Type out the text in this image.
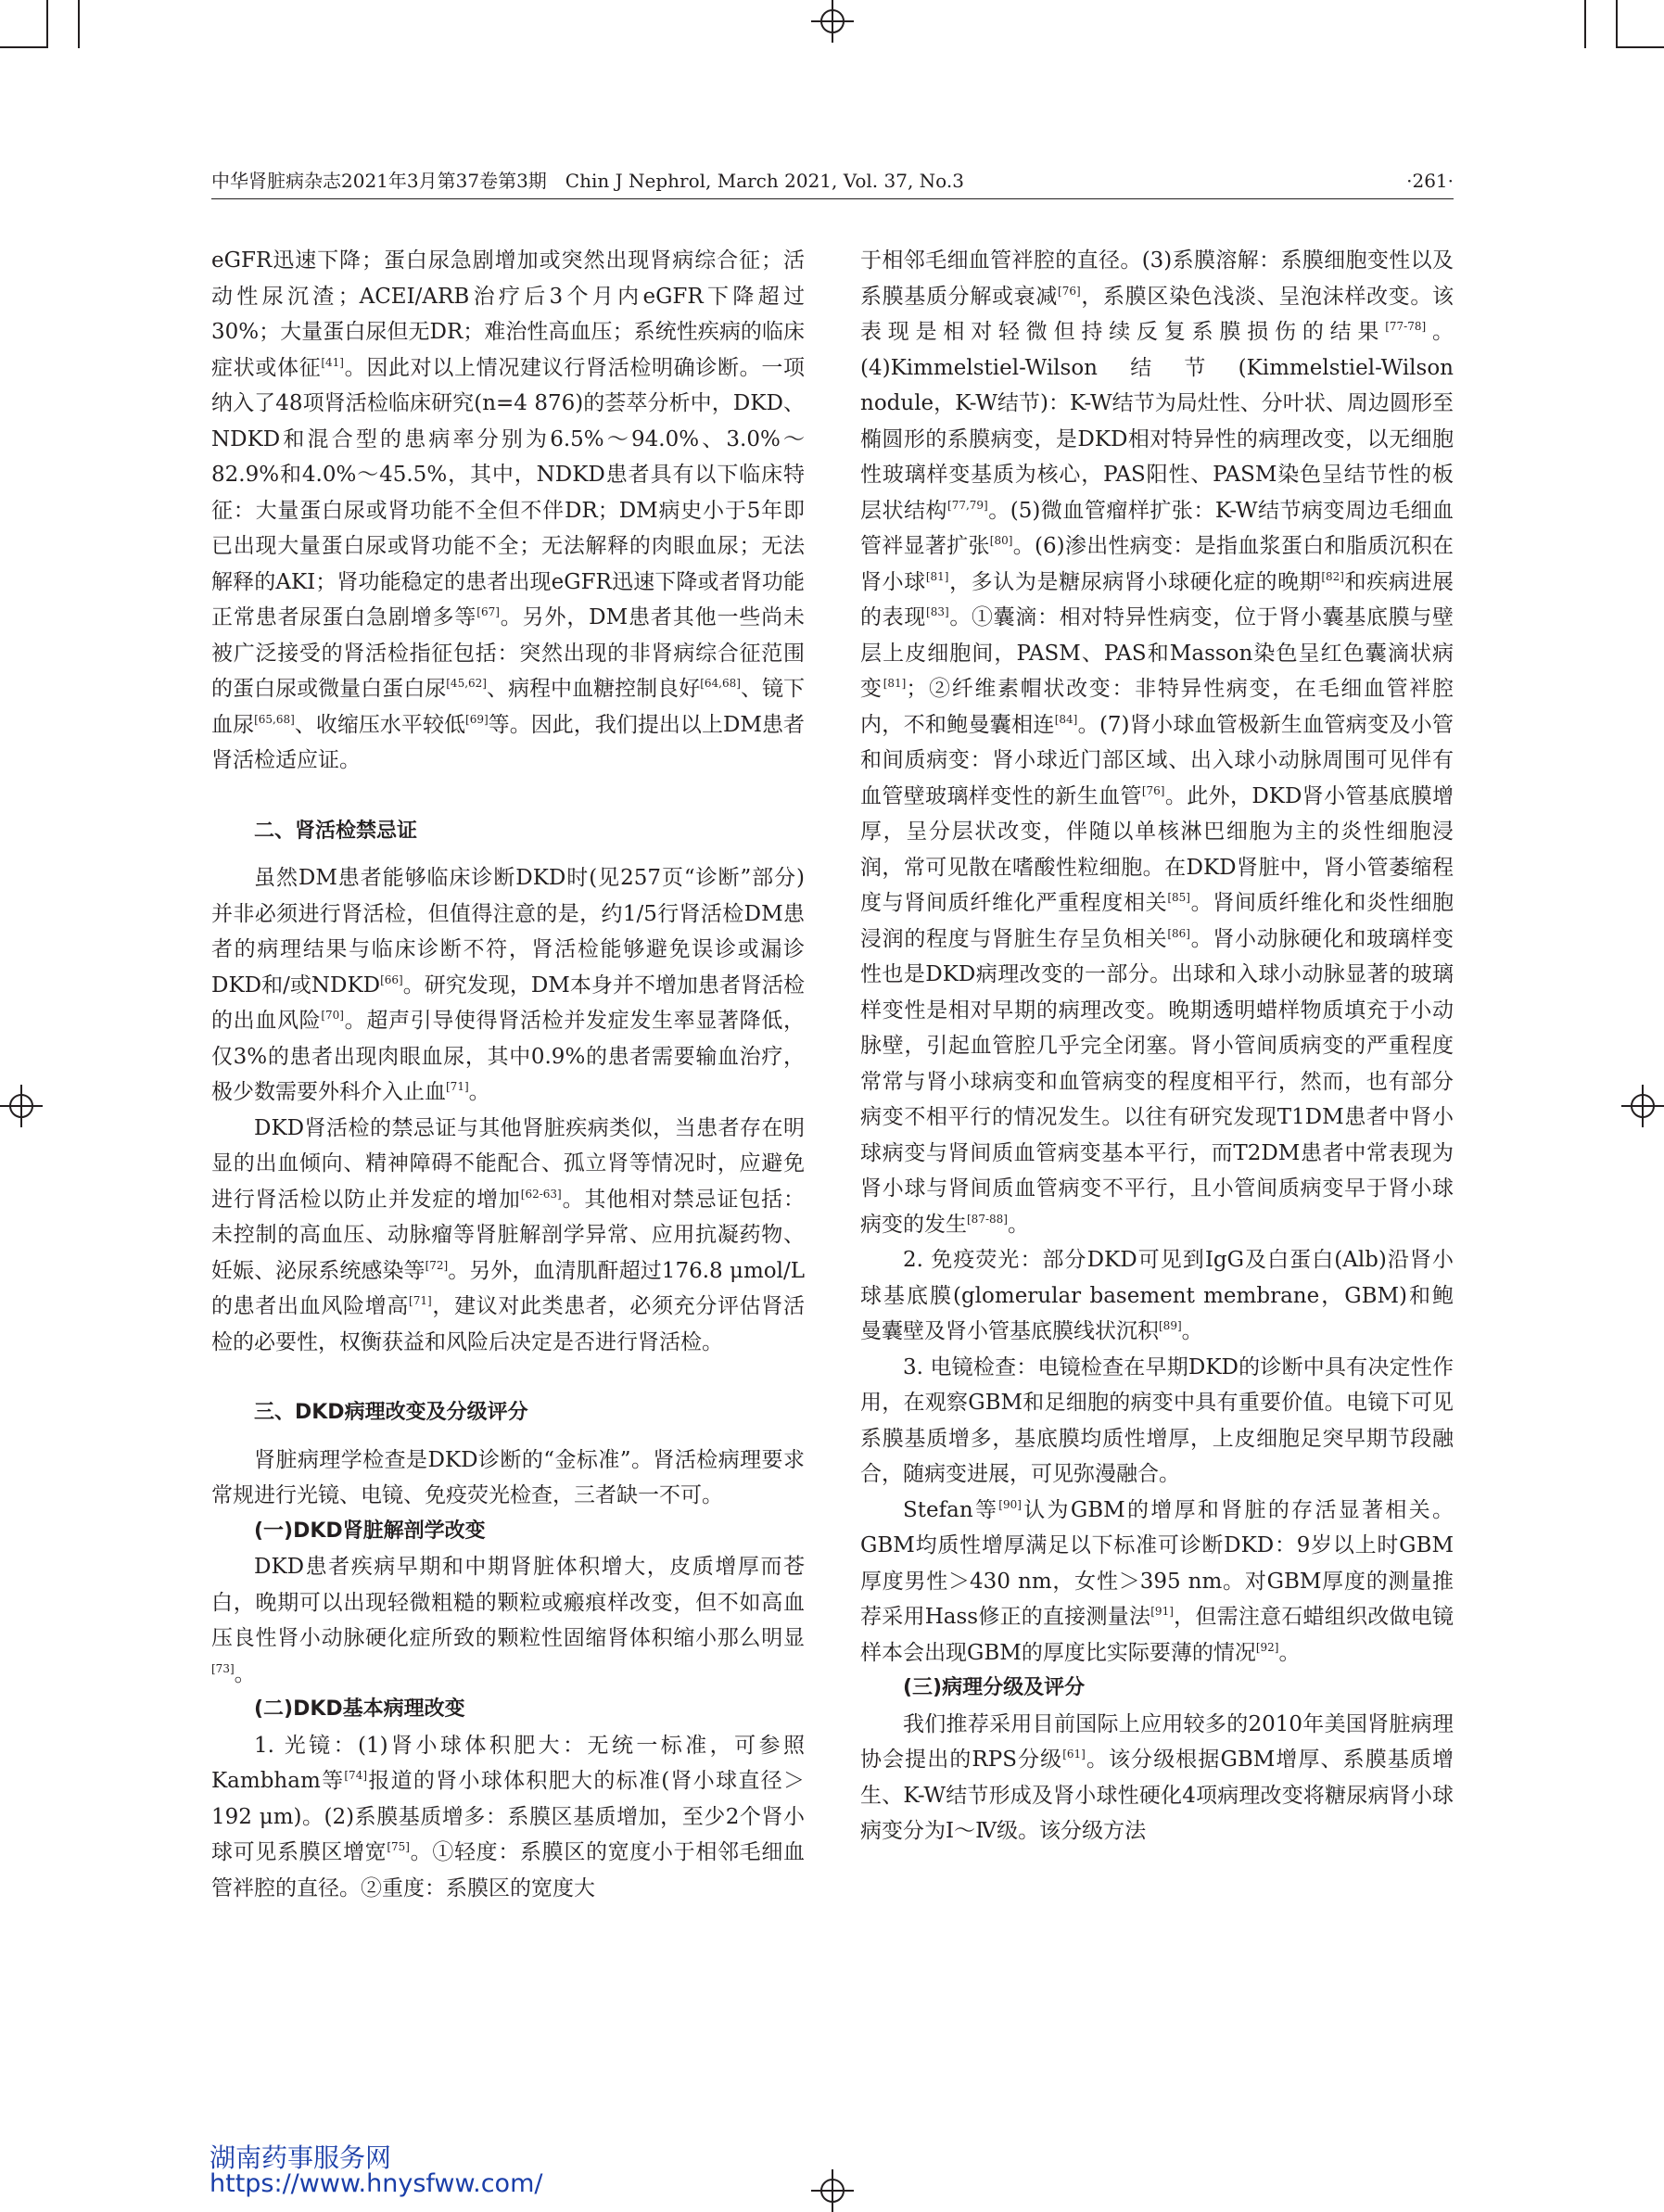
中华肾脏病杂志2021年3月第37卷第3期　Chin J Nephrol, March 2021, Vol. 37, No.3	·261·

eGFR迅速下降；蛋白尿急剧增加或突然出现肾病综合征；活动性尿沉渣；ACEI/ARB治疗后3个月内eGFR下降超过30%；大量蛋白尿但无DR；难治性高血压；系统性疾病的临床症状或体征[41]。因此对以上情况建议行肾活检明确诊断。一项纳入了48项肾活检临床研究(n=4 876)的荟萃分析中，DKD、NDKD和混合型的患病率分别为6.5%～94.0%、3.0%～82.9%和4.0%～45.5%，其中，NDKD患者具有以下临床特征：大量蛋白尿或肾功能不全但不伴DR；DM病史小于5年即已出现大量蛋白尿或肾功能不全；无法解释的肉眼血尿；无法解释的AKI；肾功能稳定的患者出现eGFR迅速下降或者肾功能正常患者尿蛋白急剧增多等[67]。另外，DM患者其他一些尚未被广泛接受的肾活检指征包括：突然出现的非肾病综合征范围的蛋白尿或微量白蛋白尿[45,62]、病程中血糖控制良好[64,68]、镜下血尿[65,68]、收缩压水平较低[69]等。因此，我们提出以上DM患者肾活检适应证。

二、肾活检禁忌证

虽然DM患者能够临床诊断DKD时(见257页“诊断”部分)并非必须进行肾活检，但值得注意的是，约1/5行肾活检DM患者的病理结果与临床诊断不符，肾活检能够避免误诊或漏诊DKD和/或NDKD[66]。研究发现，DM本身并不增加患者肾活检的出血风险[70]。超声引导使得肾活检并发症发生率显著降低，仅3%的患者出现肉眼血尿，其中0.9%的患者需要输血治疗，极少数需要外科介入止血[71]。

DKD肾活检的禁忌证与其他肾脏疾病类似，当患者存在明显的出血倾向、精神障碍不能配合、孤立肾等情况时，应避免进行肾活检以防止并发症的增加[62-63]。其他相对禁忌证包括：未控制的高血压、动脉瘤等肾脏解剖学异常、应用抗凝药物、妊娠、泌尿系统感染等[72]。另外，血清肌酐超过176.8 μmol/L的患者出血风险增高[71]，建议对此类患者，必须充分评估肾活检的必要性，权衡获益和风险后决定是否进行肾活检。

三、DKD病理改变及分级评分

肾脏病理学检查是DKD诊断的“金标准”。肾活检病理要求常规进行光镜、电镜、免疫荧光检查，三者缺一不可。

(一)DKD肾脏解剖学改变

DKD患者疾病早期和中期肾脏体积增大，皮质增厚而苍白，晚期可以出现轻微粗糙的颗粒或瘢痕样改变，但不如高血压良性肾小动脉硬化症所致的颗粒性固缩肾体积缩小那么明显[73]。

(二)DKD基本病理改变

1. 光镜：(1)肾小球体积肥大：无统一标准，可参照Kambham等[74]报道的肾小球体积肥大的标准(肾小球直径＞192 μm)。(2)系膜基质增多：系膜区基质增加，至少2个肾小球可见系膜区增宽[75]。①轻度：系膜区的宽度小于相邻毛细血管袢腔的直径。②重度：系膜区的宽度大

于相邻毛细血管袢腔的直径。(3)系膜溶解：系膜细胞变性以及系膜基质分解或衰减[76]，系膜区染色浅淡、呈泡沫样改变。该表现是相对轻微但持续反复系膜损伤的结果[77-78]。(4)Kimmelstiel-Wilson结节(Kimmelstiel-Wilson nodule，K-W结节)：K-W结节为局灶性、分叶状、周边圆形至椭圆形的系膜病变，是DKD相对特异性的病理改变，以无细胞性玻璃样变基质为核心，PAS阳性、PASM染色呈结节性的板层状结构[77,79]。(5)微血管瘤样扩张：K-W结节病变周边毛细血管袢显著扩张[80]。(6)渗出性病变：是指血浆蛋白和脂质沉积在肾小球[81]，多认为是糖尿病肾小球硬化症的晚期[82]和疾病进展的表现[83]。①囊滴：相对特异性病变，位于肾小囊基底膜与壁层上皮细胞间，PASM、PAS和Masson染色呈红色囊滴状病变[81]；②纤维素帽状改变：非特异性病变，在毛细血管袢腔内，不和鲍曼囊相连[84]。(7)肾小球血管极新生血管病变及小管和间质病变：肾小球近门部区域、出入球小动脉周围可见伴有血管壁玻璃样变性的新生血管[76]。此外，DKD肾小管基底膜增厚，呈分层状改变，伴随以单核淋巴细胞为主的炎性细胞浸润，常可见散在嗜酸性粒细胞。在DKD肾脏中，肾小管萎缩程度与肾间质纤维化严重程度相关[85]。肾间质纤维化和炎性细胞浸润的程度与肾脏生存呈负相关[86]。肾小动脉硬化和玻璃样变性也是DKD病理改变的一部分。出球和入球小动脉显著的玻璃样变性是相对早期的病理改变。晚期透明蜡样物质填充于小动脉壁，引起血管腔几乎完全闭塞。肾小管间质病变的严重程度常常与肾小球病变和血管病变的程度相平行，然而，也有部分病变不相平行的情况发生。以往有研究发现T1DM患者中肾小球病变与肾间质血管病变基本平行，而T2DM患者中常表现为肾小球与肾间质血管病变不平行，且小管间质病变早于肾小球病变的发生[87-88]。

2. 免疫荧光：部分DKD可见到IgG及白蛋白(Alb)沿肾小球基底膜(glomerular basement membrane，GBM)和鲍曼囊壁及肾小管基底膜线状沉积[89]。

3. 电镜检查：电镜检查在早期DKD的诊断中具有决定性作用，在观察GBM和足细胞的病变中具有重要价值。电镜下可见系膜基质增多，基底膜均质性增厚，上皮细胞足突早期节段融合，随病变进展，可见弥漫融合。

Stefan等[90]认为GBM的增厚和肾脏的存活显著相关。GBM均质性增厚满足以下标准可诊断DKD：9岁以上时GBM厚度男性＞430 nm，女性＞395 nm。对GBM厚度的测量推荐采用Hass修正的直接测量法[91]，但需注意石蜡组织改做电镜样本会出现GBM的厚度比实际要薄的情况[92]。

(三)病理分级及评分

我们推荐采用目前国际上应用较多的2010年美国肾脏病理协会提出的RPS分级[61]。该分级根据GBM增厚、系膜基质增生、K-W结节形成及肾小球性硬化4项病理改变将糖尿病肾小球病变分为Ⅰ～Ⅳ级。该分级方法

湖南药事服务网
https://www.hnysfww.com/
